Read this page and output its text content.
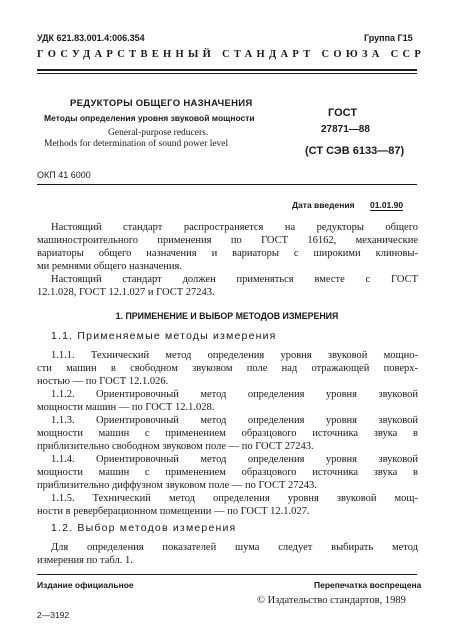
УДК 621.83.001.4:006.354	Группа Г15
ГОСУДАРСТВЕННЫЙ СТАНДАРТ СОЮЗА ССР
РЕДУКТОРЫ ОБЩЕГО НАЗНАЧЕНИЯ
Методы определения уровня звуковой мощности
General-purpose reducers.
Methods for determination of sound power level
ГОСТ
27871—88
(СТ СЭВ 6133—87)
ОКП 41 6000
Дата введения 01.01.90
Настоящий стандарт распространяется на редукторы общего
машиностроительного применения по ГОСТ 16162, механические
вариаторы общего назначения и вариаторы с широкими клиновы-
ми ремнями общего назначения.
Настоящий стандарт должен применяться вместе с ГОСТ
12.1.028, ГОСТ 12.1.027 и ГОСТ 27243.
1. ПРИМЕНЕНИЕ И ВЫБОР МЕТОДОВ ИЗМЕРЕНИЯ
1.1. Применяемые методы измерения
1.1.1. Технический метод определения уровня звуковой мощно-
сти машин в свободном звуковом поле над отражающей поверх-
ностью — по ГОСТ 12.1.026.
1.1.2. Ориентировочный метод определения уровня звуковой
мощности машин — по ГОСТ 12.1.028.
1.1.3. Ориентировочный метод определения уровня звуковой
мощности машин с применением образцового источника звука в
приблизительно свободном звуковом поле — по ГОСТ 27243.
1.1.4. Ориентировочный метод определения уровня звуковой
мощности машин с применением образцового источника звука в
приблизительно диффузном звуковом поле — по ГОСТ 27243.
1.1.5. Технический метод определения уровня звуковой мощ-
ности в реверберационном помещении — по ГОСТ 12.1.027.
1.2. Выбор методов измерения
Для определения показателей шума следует выбирать метод
измерения по табл. 1.
Издание официальное	Перепечатка воспрещена
© Издательство стандартов, 1989
2—3192
